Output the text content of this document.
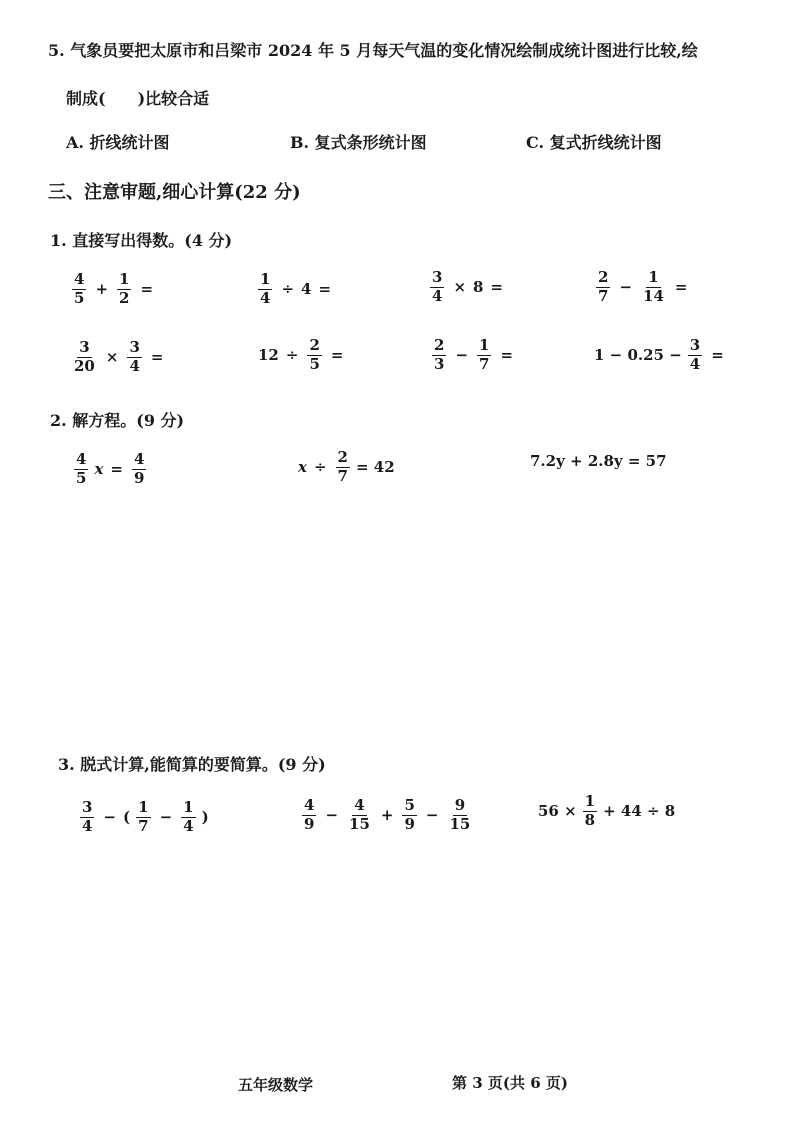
5. 气象员要把太原市和吕梁市 2024 年 5 月每天气温的变化情况绘制成统计图进行比较,绘
制成(　　)比较合适
A. 折线统计图	B. 复式条形统计图	C. 复式折线统计图
三、注意审题,细心计算(22 分)
1. 直接写出得数。(4 分)
$\frac{4}{5} + \frac{1}{2}$ =	$\frac{1}{4} \div 4$ =	$\frac{3}{4} \times 8$ =	$\frac{2}{7} - \frac{1}{14}$ =
$\frac{3}{20} \times \frac{3}{4}$ =	$12 \div \frac{2}{5}$ =	$\frac{2}{3} - \frac{1}{7}$ =	$1 - 0.25 - \frac{3}{4}$ =
2. 解方程。(9 分)
$\frac{4}{5}$ $x = \frac{4}{9}$	$x \div \frac{2}{7} = 42$	7.2y + 2.8y = 57
3. 脱式计算,能简算的要简算。(9 分)
$\frac{3}{4}$ − ( $\frac{1}{7} - \frac{1}{4}$ )	$\frac{4}{9} - \frac{4}{15} + \frac{5}{9} - \frac{9}{15}$	$56 \times \frac{1}{8} + 44 \div 8$
五年级数学	第 3 页(共 6 页)
